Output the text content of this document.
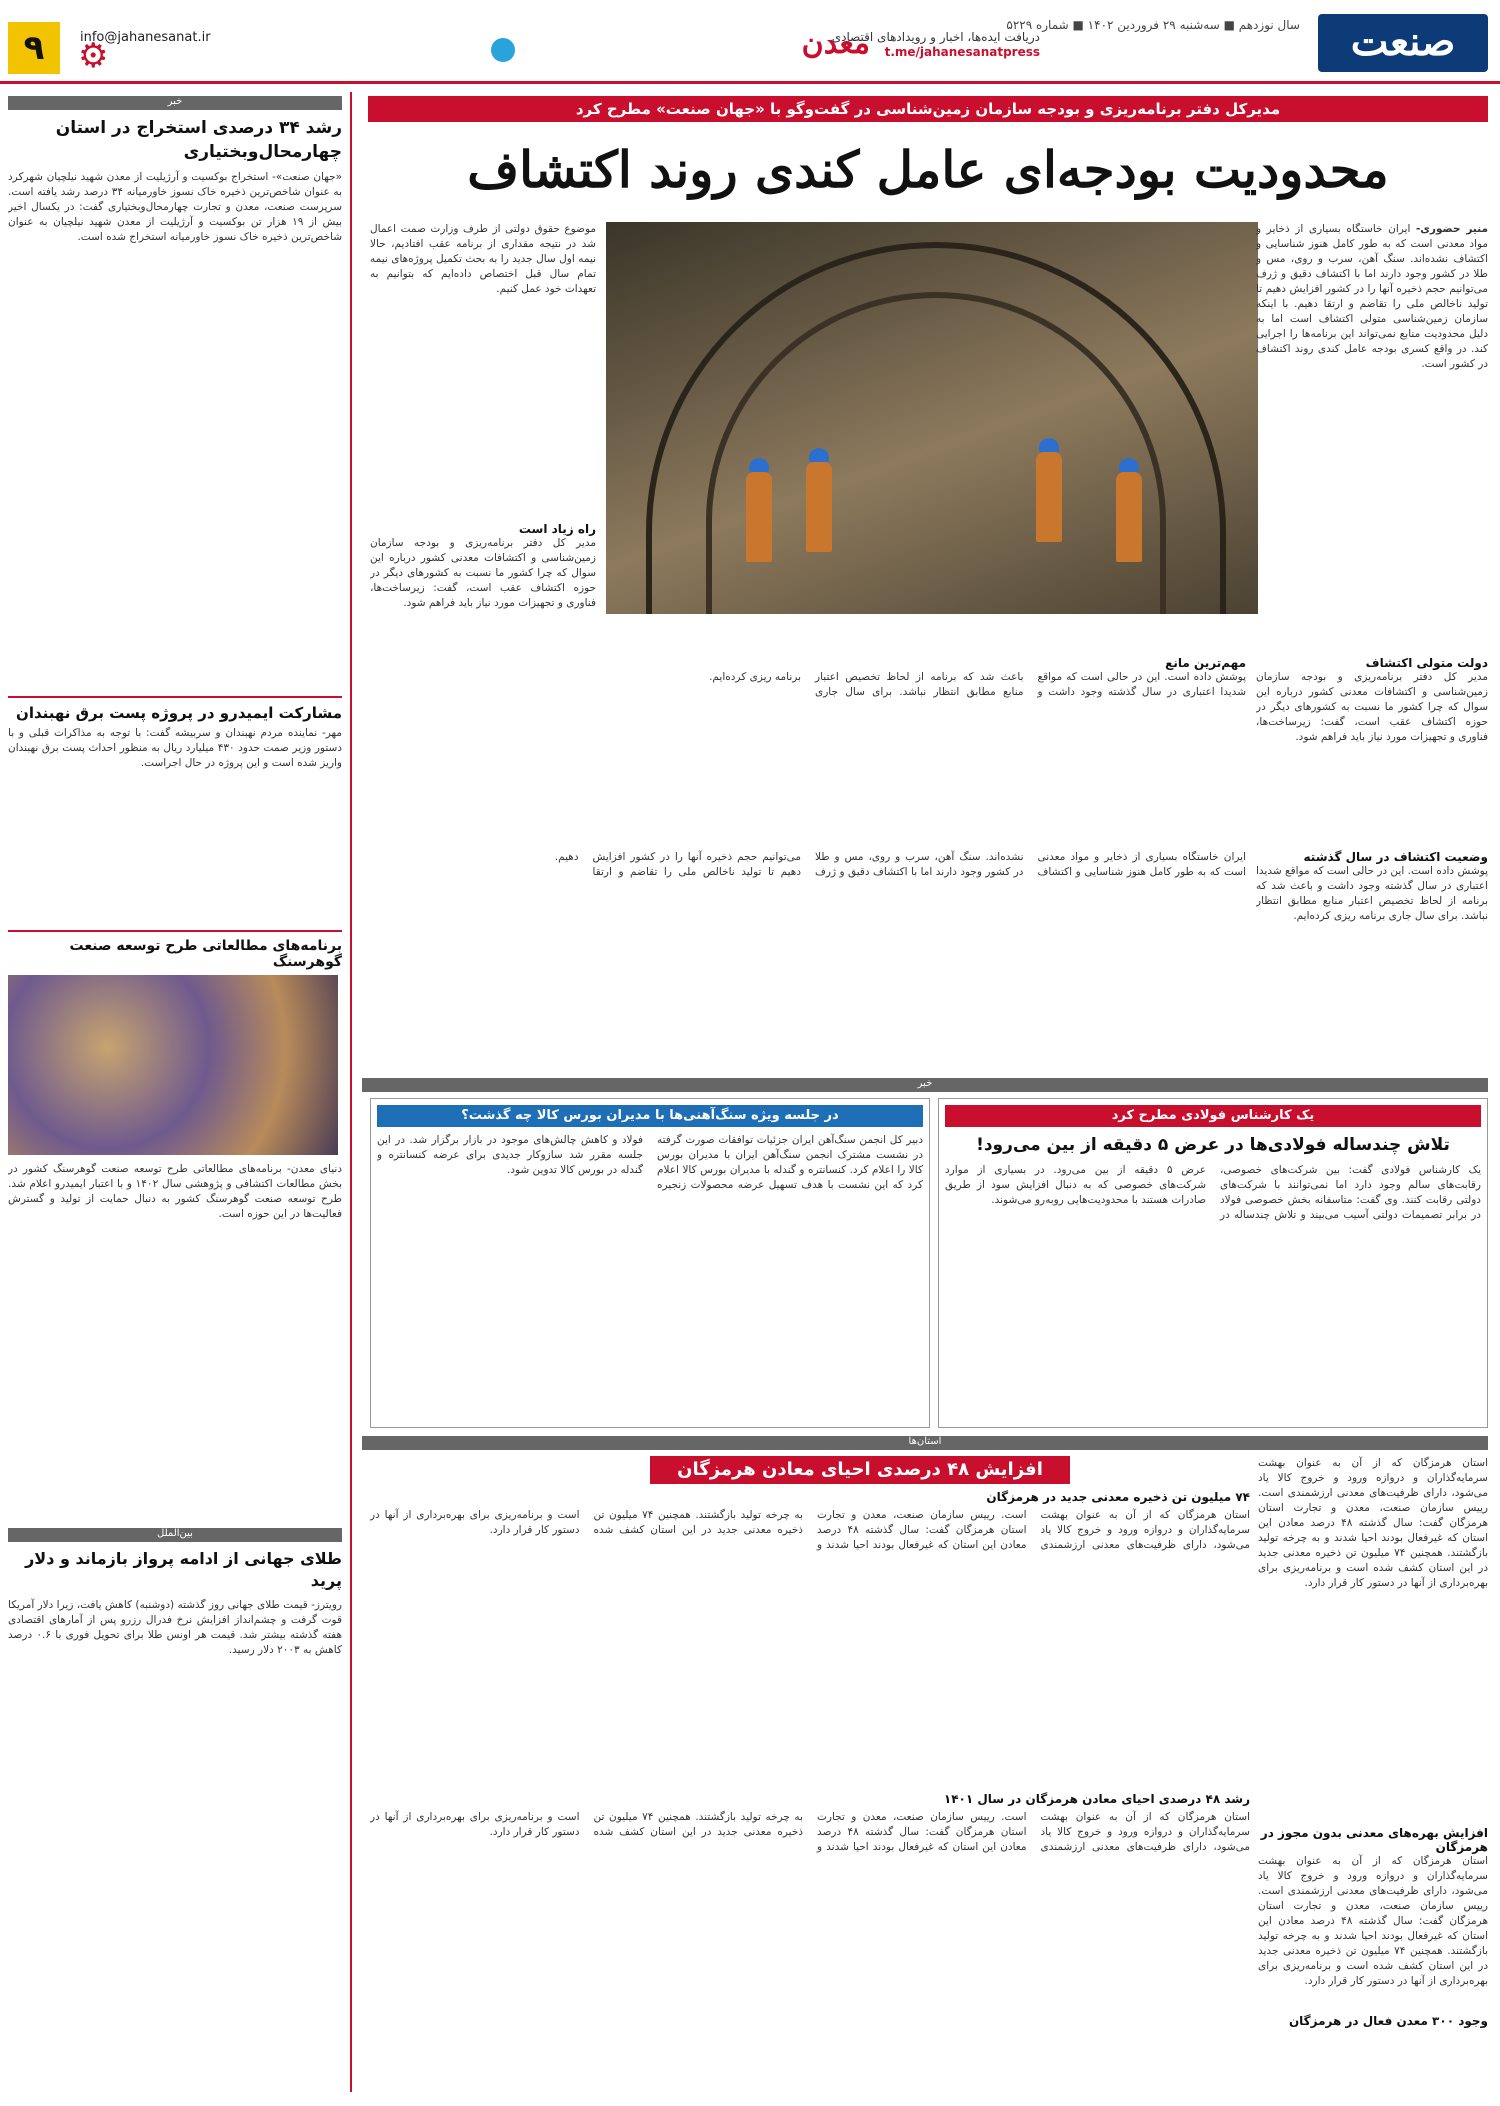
صنعت
سال نوزدهم ■ سه‌شنبه ۲۹ فروردین ۱۴۰۲ ■ شماره ۵۲۲۹
دریافت ایده‌ها، اخبار و رویدادهای اقتصادی
t.me/jahanesanatpress
معدن
info@jahanesanat.ir
⚙
۹
مدیرکل دفتر برنامه‌ریزی و بودجه سازمان زمین‌شناسی در گفت‌وگو با «جهان صنعت» مطرح کرد
محدودیت بودجه‌ای عامل کندی روند اکتشاف
منیر حضوری- ایران خاستگاه بسیاری از ذخایر و مواد معدنی است که به طور کامل هنوز شناسایی و اکتشاف نشده‌اند. سنگ آهن، سرب و روی، مس و طلا در کشور وجود دارند اما با اکتشاف دقیق و ژرف می‌توانیم حجم ذخیره آنها را در کشور افزایش دهیم تا تولید ناخالص ملی را تقاضم و ارتقا دهیم. با اینکه سازمان زمین‌شناسی متولی اکتشاف است اما به دلیل محدودیت منابع نمی‌تواند این برنامه‌ها را اجرایی کند. در واقع کسری بودجه عامل کندی روند اکتشاف در کشور است.
دولت متولی اکتشاف
مدیر کل دفتر برنامه‌ریزی و بودجه سازمان زمین‌شناسی و اکتشافات معدنی کشور درباره این سوال که چرا کشور ما نسبت به کشورهای دیگر در حوزه اکتشاف عقب است، گفت: زیرساخت‌ها، فناوری و تجهیزات مورد نیاز باید فراهم شود.
وضعیت اکتشاف در سال گذشته
پوشش داده است. این در حالی است که مواقع شدیدا اعتباری در سال گذشته وجود داشت و باعث شد که برنامه از لحاظ تخصیص اعتبار منابع مطابق انتظار نباشد. برای سال جاری برنامه ریزی کرده‌ایم.
موضوع حقوق دولتی از طرف وزارت صمت اعمال شد در نتیجه مقداری از برنامه عقب افتادیم، حالا نیمه اول سال جدید را به بحث تکمیل پروژه‌های نیمه تمام سال قبل اختصاص داده‌ایم که بتوانیم به تعهدات خود عمل کنیم.
راه زیاد است
مدیر کل دفتر برنامه‌ریزی و بودجه سازمان زمین‌شناسی و اکتشافات معدنی کشور درباره این سوال که چرا کشور ما نسبت به کشورهای دیگر در حوزه اکتشاف عقب است، گفت: زیرساخت‌ها، فناوری و تجهیزات مورد نیاز باید فراهم شود.
مهم‌ترین مانع
پوشش داده است. این در حالی است که مواقع شدیدا اعتباری در سال گذشته وجود داشت و باعث شد که برنامه از لحاظ تخصیص اعتبار منابع مطابق انتظار نباشد. برای سال جاری برنامه ریزی کرده‌ایم.
ایران خاستگاه بسیاری از ذخایر و مواد معدنی است که به طور کامل هنوز شناسایی و اکتشاف نشده‌اند. سنگ آهن، سرب و روی، مس و طلا در کشور وجود دارند اما با اکتشاف دقیق و ژرف می‌توانیم حجم ذخیره آنها را در کشور افزایش دهیم تا تولید ناخالص ملی را تقاضم و ارتقا دهیم.
خبر
رشد ۳۴ درصدی استخراج در استان چهارمحال‌وبختیاری
«جهان صنعت»- استخراج بوکسیت و آرژیلیت از معدن شهید نیلچیان شهرکرد به عنوان شاخص‌ترین ذخیره خاک نسوز خاورمیانه ۳۴ درصد رشد یافته است. سرپرست صنعت، معدن و تجارت چهارمحال‌وبختیاری گفت: در یکسال اخیر بیش از ۱۹ هزار تن بوکسیت و آرژیلیت از معدن شهید نیلچیان به عنوان شاخص‌ترین ذخیره خاک نسوز خاورمیانه استخراج شده است.
مشارکت ایمیدرو در پروژه پست برق نهبندان
مهر- نماینده مردم نهبندان و سربیشه گفت: با توجه به مذاکرات قبلی و با دستور وزیر صمت حدود ۴۳۰ میلیارد ریال به منظور احداث پست برق نهبندان واریز شده است و این پروژه در حال اجراست.
برنامه‌های مطالعاتی طرح توسعه صنعت گوهرسنگ
دنیای معدن- برنامه‌های مطالعاتی طرح توسعه صنعت گوهرسنگ کشور در بخش مطالعات اکتشافی و پژوهشی سال ۱۴۰۲ و با اعتبار ایمیدرو اعلام شد. طرح توسعه صنعت گوهرسنگ کشور به دنبال حمایت از تولید و گسترش فعالیت‌ها در این حوزه است.
بین‌الملل
طلای جهانی از ادامه پرواز بازماند و دلار پرید
رویترز- قیمت طلای جهانی روز گذشته (دوشنبه) کاهش یافت، زیرا دلار آمریکا قوت گرفت و چشم‌انداز افزایش نرخ فدرال رزرو پس از آمارهای اقتصادی هفته گذشته بیشتر شد. قیمت هر اونس طلا برای تحویل فوری با ۰.۶ درصد کاهش به ۲۰۰۳ دلار رسید.
خبر
یک کارشناس فولادی مطرح کرد
تلاش چندساله فولادی‌ها در عرض ۵ دقیقه از بین می‌رود!
یک کارشناس فولادی گفت: بین شرکت‌های خصوصی، رقابت‌های سالم وجود دارد اما نمی‌توانند با شرکت‌های دولتی رقابت کنند. وی گفت: متاسفانه بخش خصوصی فولاد در برابر تصمیمات دولتی آسیب می‌بیند و تلاش چندساله در عرض ۵ دقیقه از بین می‌رود. در بسیاری از موارد شرکت‌های خصوصی که به دنبال افزایش سود از طریق صادرات هستند با محدودیت‌هایی روبه‌رو می‌شوند.
در جلسه ویژه سنگ‌آهنی‌ها با مدیران بورس کالا چه گذشت؟
دبیر کل انجمن سنگ‌آهن ایران جزئیات توافقات صورت گرفته در نشست مشترک انجمن سنگ‌آهن ایران با مدیران بورس کالا را اعلام کرد. کنسانتره و گندله با مدیران بورس کالا اعلام کرد که این نشست با هدف تسهیل عرضه محصولات زنجیره فولاد و کاهش چالش‌های موجود در بازار برگزار شد. در این جلسه مقرر شد سازوکار جدیدی برای عرضه کنسانتره و گندله در بورس کالا تدوین شود.
استان‌ها
افزایش ۴۸ درصدی احیای معادن هرمزگان	استان هرمزگان که از آن به عنوان بهشت سرمایه‌گذاران و دروازه ورود و خروج کالا یاد می‌شود، دارای ظرفیت‌های معدنی ارزشمندی است. رییس سازمان صنعت، معدن و تجارت استان هرمزگان گفت: سال گذشته ۴۸ درصد معادن این استان که غیرفعال بودند احیا شدند و به چرخه تولید بازگشتند. همچنین ۷۴ میلیون تن ذخیره معدنی جدید در این استان کشف شده است و برنامه‌ریزی برای بهره‌برداری از آنها در دستور کار قرار دارد.
افزایش بهره‌های معدنی بدون مجوز در هرمزگان
استان هرمزگان که از آن به عنوان بهشت سرمایه‌گذاران و دروازه ورود و خروج کالا یاد می‌شود، دارای ظرفیت‌های معدنی ارزشمندی است. رییس سازمان صنعت، معدن و تجارت استان هرمزگان گفت: سال گذشته ۴۸ درصد معادن این استان که غیرفعال بودند احیا شدند و به چرخه تولید بازگشتند. همچنین ۷۴ میلیون تن ذخیره معدنی جدید در این استان کشف شده است و برنامه‌ریزی برای بهره‌برداری از آنها در دستور کار قرار دارد.
وجود ۳۰۰ معدن فعال در هرمزگان
۷۴ میلیون تن ذخیره معدنی جدید در هرمزگان
استان هرمزگان که از آن به عنوان بهشت سرمایه‌گذاران و دروازه ورود و خروج کالا یاد می‌شود، دارای ظرفیت‌های معدنی ارزشمندی است. رییس سازمان صنعت، معدن و تجارت استان هرمزگان گفت: سال گذشته ۴۸ درصد معادن این استان که غیرفعال بودند احیا شدند و به چرخه تولید بازگشتند. همچنین ۷۴ میلیون تن ذخیره معدنی جدید در این استان کشف شده است و برنامه‌ریزی برای بهره‌برداری از آنها در دستور کار قرار دارد.
رشد ۴۸ درصدی احیای معادن هرمزگان در سال ۱۴۰۱
استان هرمزگان که از آن به عنوان بهشت سرمایه‌گذاران و دروازه ورود و خروج کالا یاد می‌شود، دارای ظرفیت‌های معدنی ارزشمندی است. رییس سازمان صنعت، معدن و تجارت استان هرمزگان گفت: سال گذشته ۴۸ درصد معادن این استان که غیرفعال بودند احیا شدند و به چرخه تولید بازگشتند. همچنین ۷۴ میلیون تن ذخیره معدنی جدید در این استان کشف شده است و برنامه‌ریزی برای بهره‌برداری از آنها در دستور کار قرار دارد.
